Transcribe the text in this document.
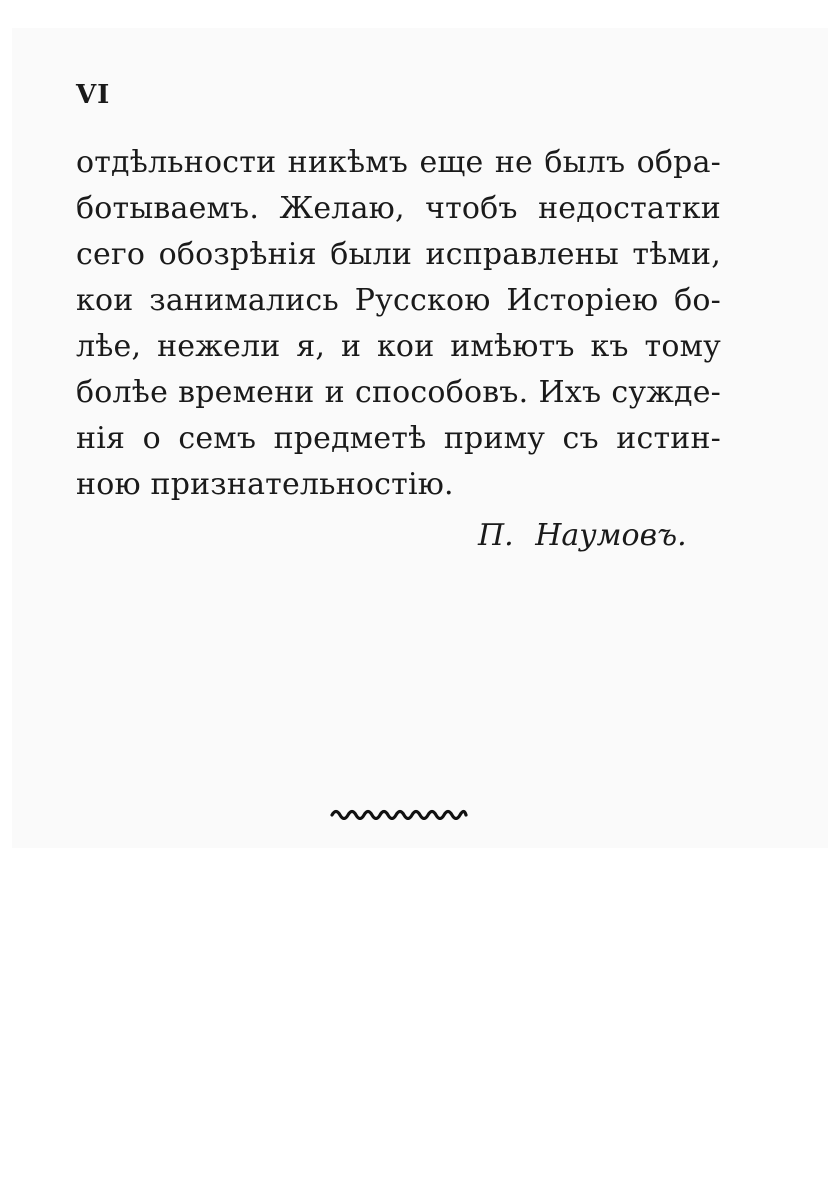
VI
отдѣльности никѣмъ еще не былъ обра-
ботываемъ. Желаю, чтобъ недостатки
сего обозрѣнія были исправлены тѣми,
кои занимались Русскою Исторіею бо-
лѣе, нежели я, и кои имѣютъ къ тому
болѣе времени и способовъ. Ихъ сужде-
нія о семъ предметѣ приму съ истин-
ною признательностію.
П. Наумовъ.
